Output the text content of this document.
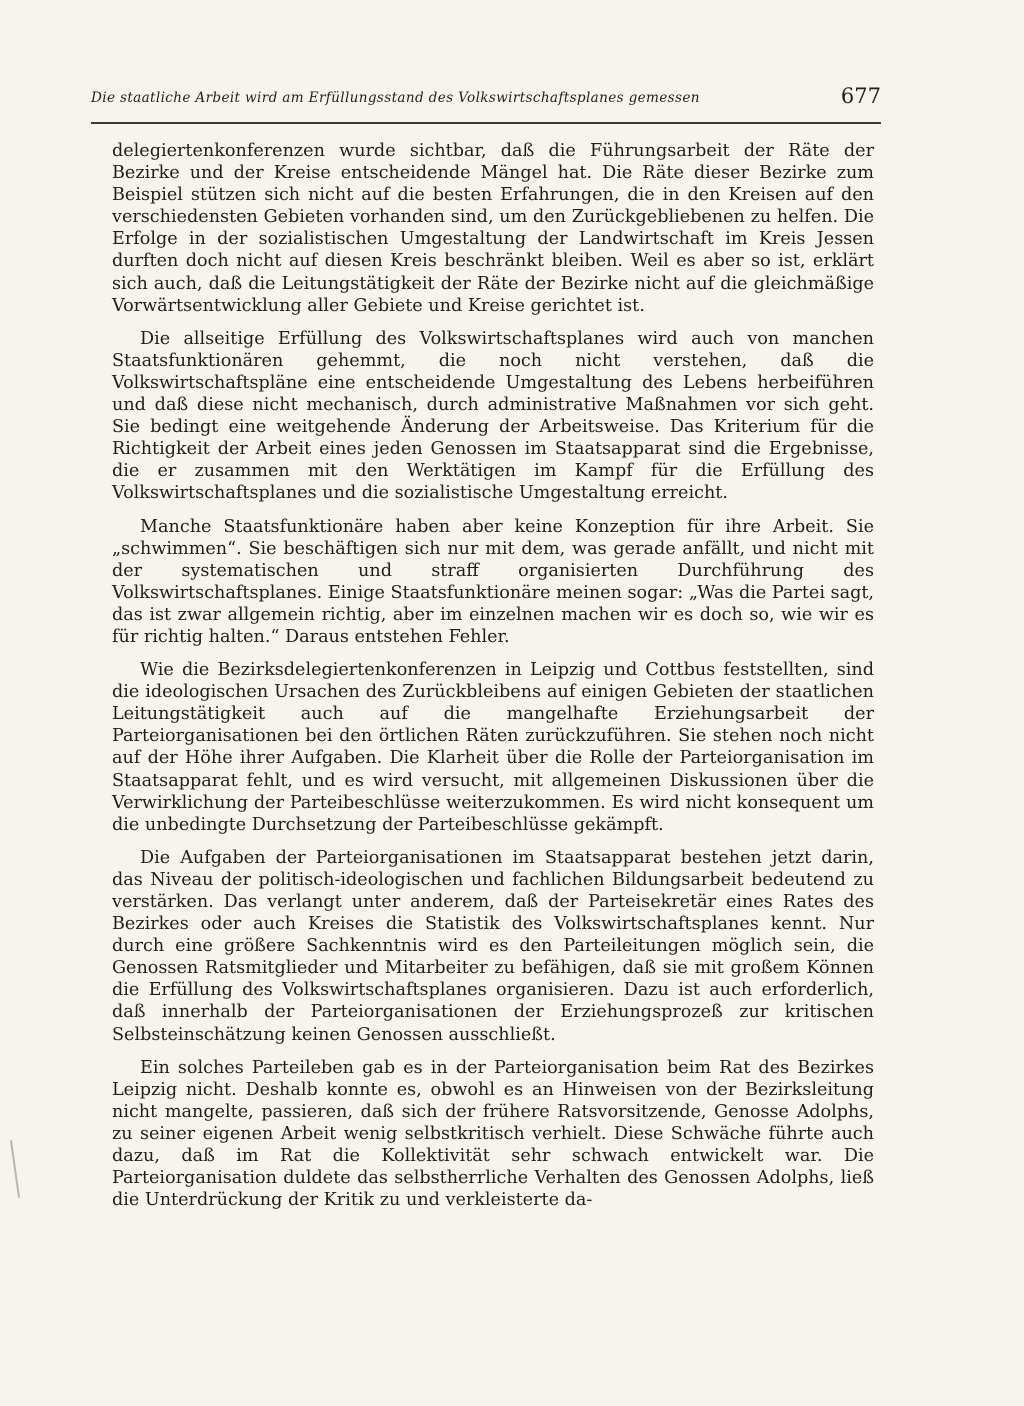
Die staatliche Arbeit wird am Erfüllungsstand des Volkswirtschaftsplanes gemessen	677

delegiertenkonferenzen wurde sichtbar, daß die Führungsarbeit der Räte der Bezirke und der Kreise entscheidende Mängel hat. Die Räte dieser Bezirke zum Beispiel stützen sich nicht auf die besten Erfahrungen, die in den Kreisen auf den verschiedensten Gebieten vorhanden sind, um den Zurückgebliebenen zu helfen. Die Erfolge in der sozialistischen Umgestaltung der Landwirtschaft im Kreis Jessen durften doch nicht auf diesen Kreis beschränkt bleiben. Weil es aber so ist, erklärt sich auch, daß die Leitungstätigkeit der Räte der Bezirke nicht auf die gleichmäßige Vorwärtsentwicklung aller Gebiete und Kreise gerichtet ist.

Die allseitige Erfüllung des Volkswirtschaftsplanes wird auch von manchen Staatsfunktionären gehemmt, die noch nicht verstehen, daß die Volkswirtschaftspläne eine entscheidende Umgestaltung des Lebens herbeiführen und daß diese nicht mechanisch, durch administrative Maßnahmen vor sich geht. Sie bedingt eine weitgehende Änderung der Arbeitsweise. Das Kriterium für die Richtigkeit der Arbeit eines jeden Genossen im Staatsapparat sind die Ergebnisse, die er zusammen mit den Werktätigen im Kampf für die Erfüllung des Volkswirtschaftsplanes und die sozialistische Umgestaltung erreicht.

Manche Staatsfunktionäre haben aber keine Konzeption für ihre Arbeit. Sie „schwimmen“. Sie beschäftigen sich nur mit dem, was gerade anfällt, und nicht mit der systematischen und straff organisierten Durchführung des Volkswirtschaftsplanes. Einige Staatsfunktionäre meinen sogar: „Was die Partei sagt, das ist zwar allgemein richtig, aber im einzelnen machen wir es doch so, wie wir es für richtig halten.“ Daraus entstehen Fehler.

Wie die Bezirksdelegiertenkonferenzen in Leipzig und Cottbus feststellten, sind die ideologischen Ursachen des Zurückbleibens auf einigen Gebieten der staatlichen Leitungstätigkeit auch auf die mangelhafte Erziehungsarbeit der Parteiorganisationen bei den örtlichen Räten zurückzuführen. Sie stehen noch nicht auf der Höhe ihrer Aufgaben. Die Klarheit über die Rolle der Parteiorganisation im Staatsapparat fehlt, und es wird versucht, mit allgemeinen Diskussionen über die Verwirklichung der Parteibeschlüsse weiterzukommen. Es wird nicht konsequent um die unbedingte Durchsetzung der Parteibeschlüsse gekämpft.

Die Aufgaben der Parteiorganisationen im Staatsapparat bestehen jetzt darin, das Niveau der politisch-ideologischen und fachlichen Bildungsarbeit bedeutend zu verstärken. Das verlangt unter anderem, daß der Parteisekretär eines Rates des Bezirkes oder auch Kreises die Statistik des Volkswirtschaftsplanes kennt. Nur durch eine größere Sachkenntnis wird es den Parteileitungen möglich sein, die Genossen Ratsmitglieder und Mitarbeiter zu befähigen, daß sie mit großem Können die Erfüllung des Volkswirtschaftsplanes organisieren. Dazu ist auch erforderlich, daß innerhalb der Parteiorganisationen der Erziehungsprozeß zur kritischen Selbsteinschätzung keinen Genossen ausschließt.

Ein solches Parteileben gab es in der Parteiorganisation beim Rat des Bezirkes Leipzig nicht. Deshalb konnte es, obwohl es an Hinweisen von der Bezirksleitung nicht mangelte, passieren, daß sich der frühere Ratsvorsitzende, Genosse Adolphs, zu seiner eigenen Arbeit wenig selbstkritisch verhielt. Diese Schwäche führte auch dazu, daß im Rat die Kollektivität sehr schwach entwickelt war. Die Parteiorganisation duldete das selbstherrliche Verhalten des Genossen Adolphs, ließ die Unterdrückung der Kritik zu und verkleisterte da-
